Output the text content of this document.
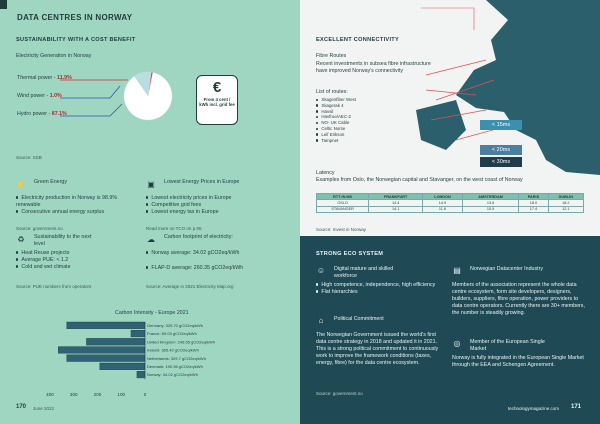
DATA CENTRES IN NORWAY
SUSTAINABILITY WITH A COST BENEFIT
Electricity Generation in Norway
Thermal power - 11.9%
Wind power - 1.0%
Hydro power - 87.1%
Source: SSB
€
From 4 cent / kWh incl. grid fee
⚡ Green Energy
Electricity production in Norway is 98.9% renewable
Consecutive annual energy surplus
Source: government.no
▣ Lowest Energy Prices in Europe
Lowest electricity prices in Europe
Competitive grid fees
Lowest energy tax in Europe
Read more on TCO on p.06
♻ Sustainability to the next level
Heat Reuse projects
Average PUE: < 1.2
Cold and wet climate
Source: PUE numbers from operators
☁ Carbon footprint of electricity:
Norway average: 34.02 gCO2eq/kWh
FLAP-D average: 260.35 gCO2eq/kWh
Source: Average in 2021 Electricity Map.org
Carbon Intensity - Europe 2021
Germany: 329.70 gCO2eq/kWh
France: 59.03 gCO2eq/kWh
United Kingdom: 246.55 gCO2eq/kWh
Ireland: 365.42 gCO2eq/kWh
Netherlands: 329.7 gCO2eq/kWh
Denmark: 190.36 gCO2eq/kWh
Norway: 34.02 gCO2eq/kWh
400	300	200	100	0
170 June 2022
< 15ms
< 20ms
< 30ms
EXCELLENT CONNECTIVITY
Fibre Routes
Recent investments in subsea fibre infrastructure have improved Norway's connectivity
List of routes:
Skagenfiber West
Skagerak 4
Havsil
Havfrue/AEC-2
NO- UK Cable
Celtic Norse
Leif Erikson
Tampnet
Latency
Examples from Oslo, the Norwegian capital and Stavanger, on the west coast of Norway
RTT IN MS	FRANKFURT	LONDON	AMSTERDAM	PARIS	DUBLIN
OSLO	14.4	14.9	13.6	18.0	18.2
STAVANGER	14.1	11.6	10.9	17.4	12.1
Source: Invest in Norway
STRONG ECO SYSTEM
☺ Digital mature and skilled workforce
High competence, independence, high efficiency
Flat hierarchies
⌂	Political Commitment
The Norwegian Government issued the world's first data centre strategy in 2018 and updated it in 2021. This is a strong political commitment to continuously work to improve the framework conditions (taxes, energy, fibre) for the data centre ecosystem.
▤ Norwegian Datacenter Industry
Members of the association represent the whole data centre ecosystem, form site developers, designers, builders, suppliers, fibre operation, power providers to data centre operators. Currently there are 30+ members, the number is steadily growing.
◎ Member of the European Single Market
Norway is fully integrated in the European Single Market through the EEA and Schengen Agreement.
Source: government.no
technologymagazine.com 171
